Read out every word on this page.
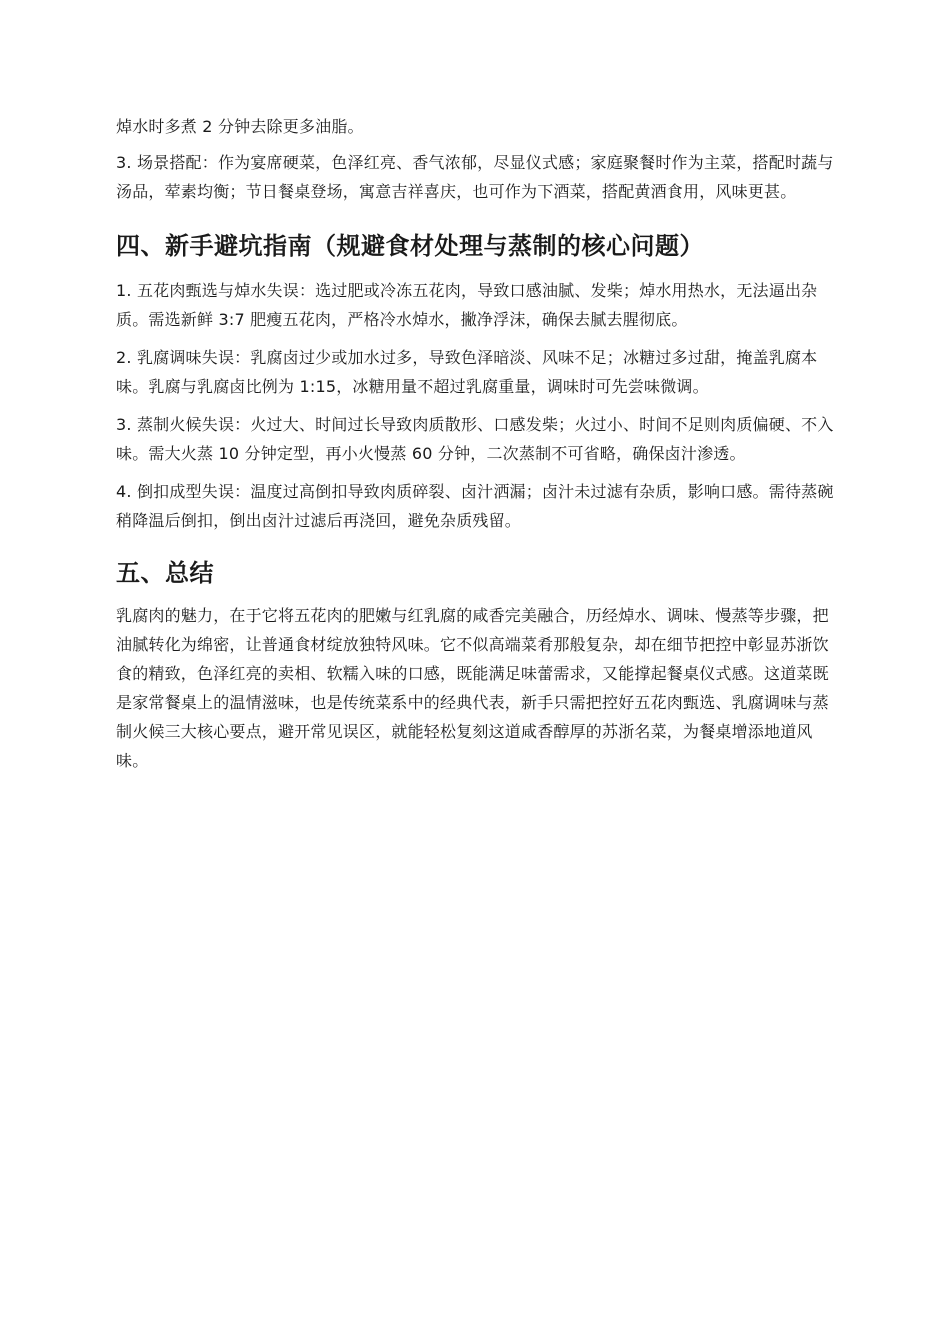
焯水时多煮 2 分钟去除更多油脂。

3. 场景搭配：作为宴席硬菜，色泽红亮、香气浓郁，尽显仪式感；家庭聚餐时作为主菜，搭配时蔬与汤品，荤素均衡；节日餐桌登场，寓意吉祥喜庆，也可作为下酒菜，搭配黄酒食用，风味更甚。

四、新手避坑指南（规避食材处理与蒸制的核心问题）

1. 五花肉甄选与焯水失误：选过肥或冷冻五花肉，导致口感油腻、发柴；焯水用热水，无法逼出杂质。需选新鲜 3:7 肥瘦五花肉，严格冷水焯水，撇净浮沫，确保去腻去腥彻底。

2. 乳腐调味失误：乳腐卤过少或加水过多，导致色泽暗淡、风味不足；冰糖过多过甜，掩盖乳腐本味。乳腐与乳腐卤比例为 1:15，冰糖用量不超过乳腐重量，调味时可先尝味微调。

3. 蒸制火候失误：火过大、时间过长导致肉质散形、口感发柴；火过小、时间不足则肉质偏硬、不入味。需大火蒸 10 分钟定型，再小火慢蒸 60 分钟，二次蒸制不可省略，确保卤汁渗透。

4. 倒扣成型失误：温度过高倒扣导致肉质碎裂、卤汁洒漏；卤汁未过滤有杂质，影响口感。需待蒸碗稍降温后倒扣，倒出卤汁过滤后再浇回，避免杂质残留。

五、总结

乳腐肉的魅力，在于它将五花肉的肥嫩与红乳腐的咸香完美融合，历经焯水、调味、慢蒸等步骤，把油腻转化为绵密，让普通食材绽放独特风味。它不似高端菜肴那般复杂，却在细节把控中彰显苏浙饮食的精致，色泽红亮的卖相、软糯入味的口感，既能满足味蕾需求，又能撑起餐桌仪式感。这道菜既是家常餐桌上的温情滋味，也是传统菜系中的经典代表，新手只需把控好五花肉甄选、乳腐调味与蒸制火候三大核心要点，避开常见误区，就能轻松复刻这道咸香醇厚的苏浙名菜，为餐桌增添地道风味。
